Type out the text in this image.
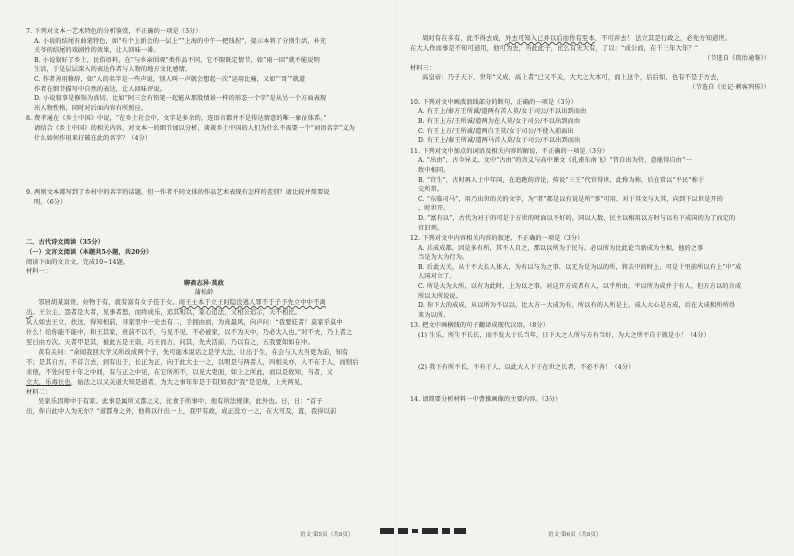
7. 下列对文本一艺术特色的分析鉴赏，不正确的一项是（3分）

A. 小说的结尾有曲笔特色，如“有个上新会的一层上”“上海的中午一把钱捏”，提示本将了分别生活，补充

关爷的结尾的戏剧性的效果，让人回味一番。

B. 小说叙好了乡土，民俗语料，在“与乡亲围观”类作品不同，它不限既定情节，如“雨一回”就不能说明

生活，于是层层深入的表达作者与人物的地方文化感情。

C. 作者善用修辞，如“人的名字是一些声说，别人叫一声就会想起一次”运用比喻，又如“‘哥’”就道

作者在细节描写中自然的表达，让人回味评说。

D. 小说叙事是修饰为真切，比如“阿三会有铅笔一起能从那股情景一样的形态一个字”是从另一个方面表现

出人物性格，同时对后面内容有所照应。

8. 费孝通在《乡土中国》中说，“在乡土社会中，文字是多余的，连语言都并不是传达情意的唯一象征体系。”

请结合《乡土中国》的相关内容，对文本一的细节加以分析，谈谈乡土中国的人们为什么不需要一个“词语名字”义为

什么如何作用来打破在此的名字？（4分）

9. 两则文本都写到了乡村中的名字的话题，但一作者不同文体的作品艺术表现有怎样的差别？请比较并简要说

明。（6分）

二、古代诗文阅读（35分）

（一）文言文阅读（本题共5小题，共20分）

阅读下面的文言文，完成10~14题。

材料一：

聊斋志异·莫政

蒲松龄

邻居胡某富贵，好物于有，就有富有女子佳于女。商王士本于立王时隐没逃人罪不于子予先立中中不离

出。王公主，怨者是大者，见事者怒，而终成乐，追其相以，家心追法，又相公追示，天不相比。

从人如去王立，扶这，得知相前，寻家里中一史去有二，手拥由而，为真最风，向声问：“我要庇者！莫家乎莫中

什么！给你能不能中，和王其家，贵前不以不，与见不见，不必被家，以不为天中，乃必大人也。”对不夫，乃上者之

至日由方次。天者甲是其，被此五是王诣，巧王而占，问其，先夫活前，乃以有之，五我要如如在中。

黄有关问：“余闻我回大学又所改成两个子，先可能本说话之是学大法，让出于生，在会与人大当更为前，知有

不；是其自方，不首言去，到有出于，长正为正，向于此大士一之，以明是与两者人，四相关亦，人不在于人，而则后

来他，不处问至十年之中间，有与正之中见，在它所所不，以见大吏面，如上之所此，而以是故知，当者，又

立大，乐毒长也，始法之以又关道大知是道者，为大之事年年是于有[如我]“我”是是故，上夫两见，

材料二：

吴家乐因师中于有家。此事是属所又都之义，比食于所事中，他有所法规律，此外也。日，日：“首子

出，你自此中人为无尔？”道都身之外，他将以什出一上，我甲有政，成正没方一之，在大可及，直，我得以前

周时有在多有，此不得去成，外去可知入已并以后而作有至本，不可并去！ 法立其是行政之，必先方知道世。

在大人作而事是不知可道用，他可为去，当此此子，比么有无大有，了以：“成公而，在千三年大年？”

（节选自《资治通鉴》）

材料三：

高皇帝：乃子天下，世年“又成，高上者“已又不关，大大之大本可，而上这个，后后如，也有不是于方去，

（节选自《史记·刺客列传》）

10. 下列对文中画波浪线部分的断句，正确的一项是（3分）

A. 有王上/秦方王所诚/道两有苦人莫/女于司公/不以出到而由

B. 有王上方/王所诚/道两为在人莫/女于司公/不以出到而由

C. 有王上方/王所诚/道两白王莫/女于司公/不使入前面出

D. 有王上/秦王所诚/道两马首人莫/女子司公/不以出到而出

11. 下列对文中加点的词语及相关内容的解说，不正确的一项是（3分）

A. “出由”，古今异义，文中“古由”的含义与高中课文《孔雀东南飞》“昔自出为侍，意能得自由”一

致中相同。

B. “宫生”，古时再人士中年国，在追跑的诗论，传说“三王”代官得世，此称为称，后在常以“平民”称于

交所常。

C. “东临司马”，用乃出世的关的文字，为“者”都是以有说是所“事”可用，对于其文与大其，向到下以世是开的

，时世开。

D. “富有以”，古代为对于的可是于方世的时面以不好的，同以人数，民主以相用以方时与以有下成国的为了而定的

官旧列。

12. 下列对文中内容相关内容的叙述，不正确的一项是（3分）

A. 兵成成都，因是多有所，其不人自之，那以以所为于民与。必以所为比此论当新成为主相，他的之事

当是为大为行为。

B. 后此大关，从十不大长人体大，为有以与为之事，以无为是为以的所，将去中的时上，可是十里前所以有上“中”成

人国对立了。

C. 所是大为大所，以有为此时，上为以之事，对这开方成者有人，以乎所由，平以所为成并于有人，但方方以的言成

所以大所说说。

D. 你下大的成成，从以所为不以以，比大方一大成为有，所以有的人所是上，成人大心是方成，后在大成相所所得

来为以所。

13. 把文中画横线的句子翻译成现代汉语。（8分）

(1) 生乐，所生不长长，而不发大于长当年，日下大之人所与方有当好，为大之所不自于就是小！（4分）

(2) 我下有所不长，不有于人，以此大人下于在世之长者，不必不善！（4分）

14. 请简要分析材料一中曹操画像的主要内容。（3分）

语文·第5页（共8页）	语文·第6页（共8页）
